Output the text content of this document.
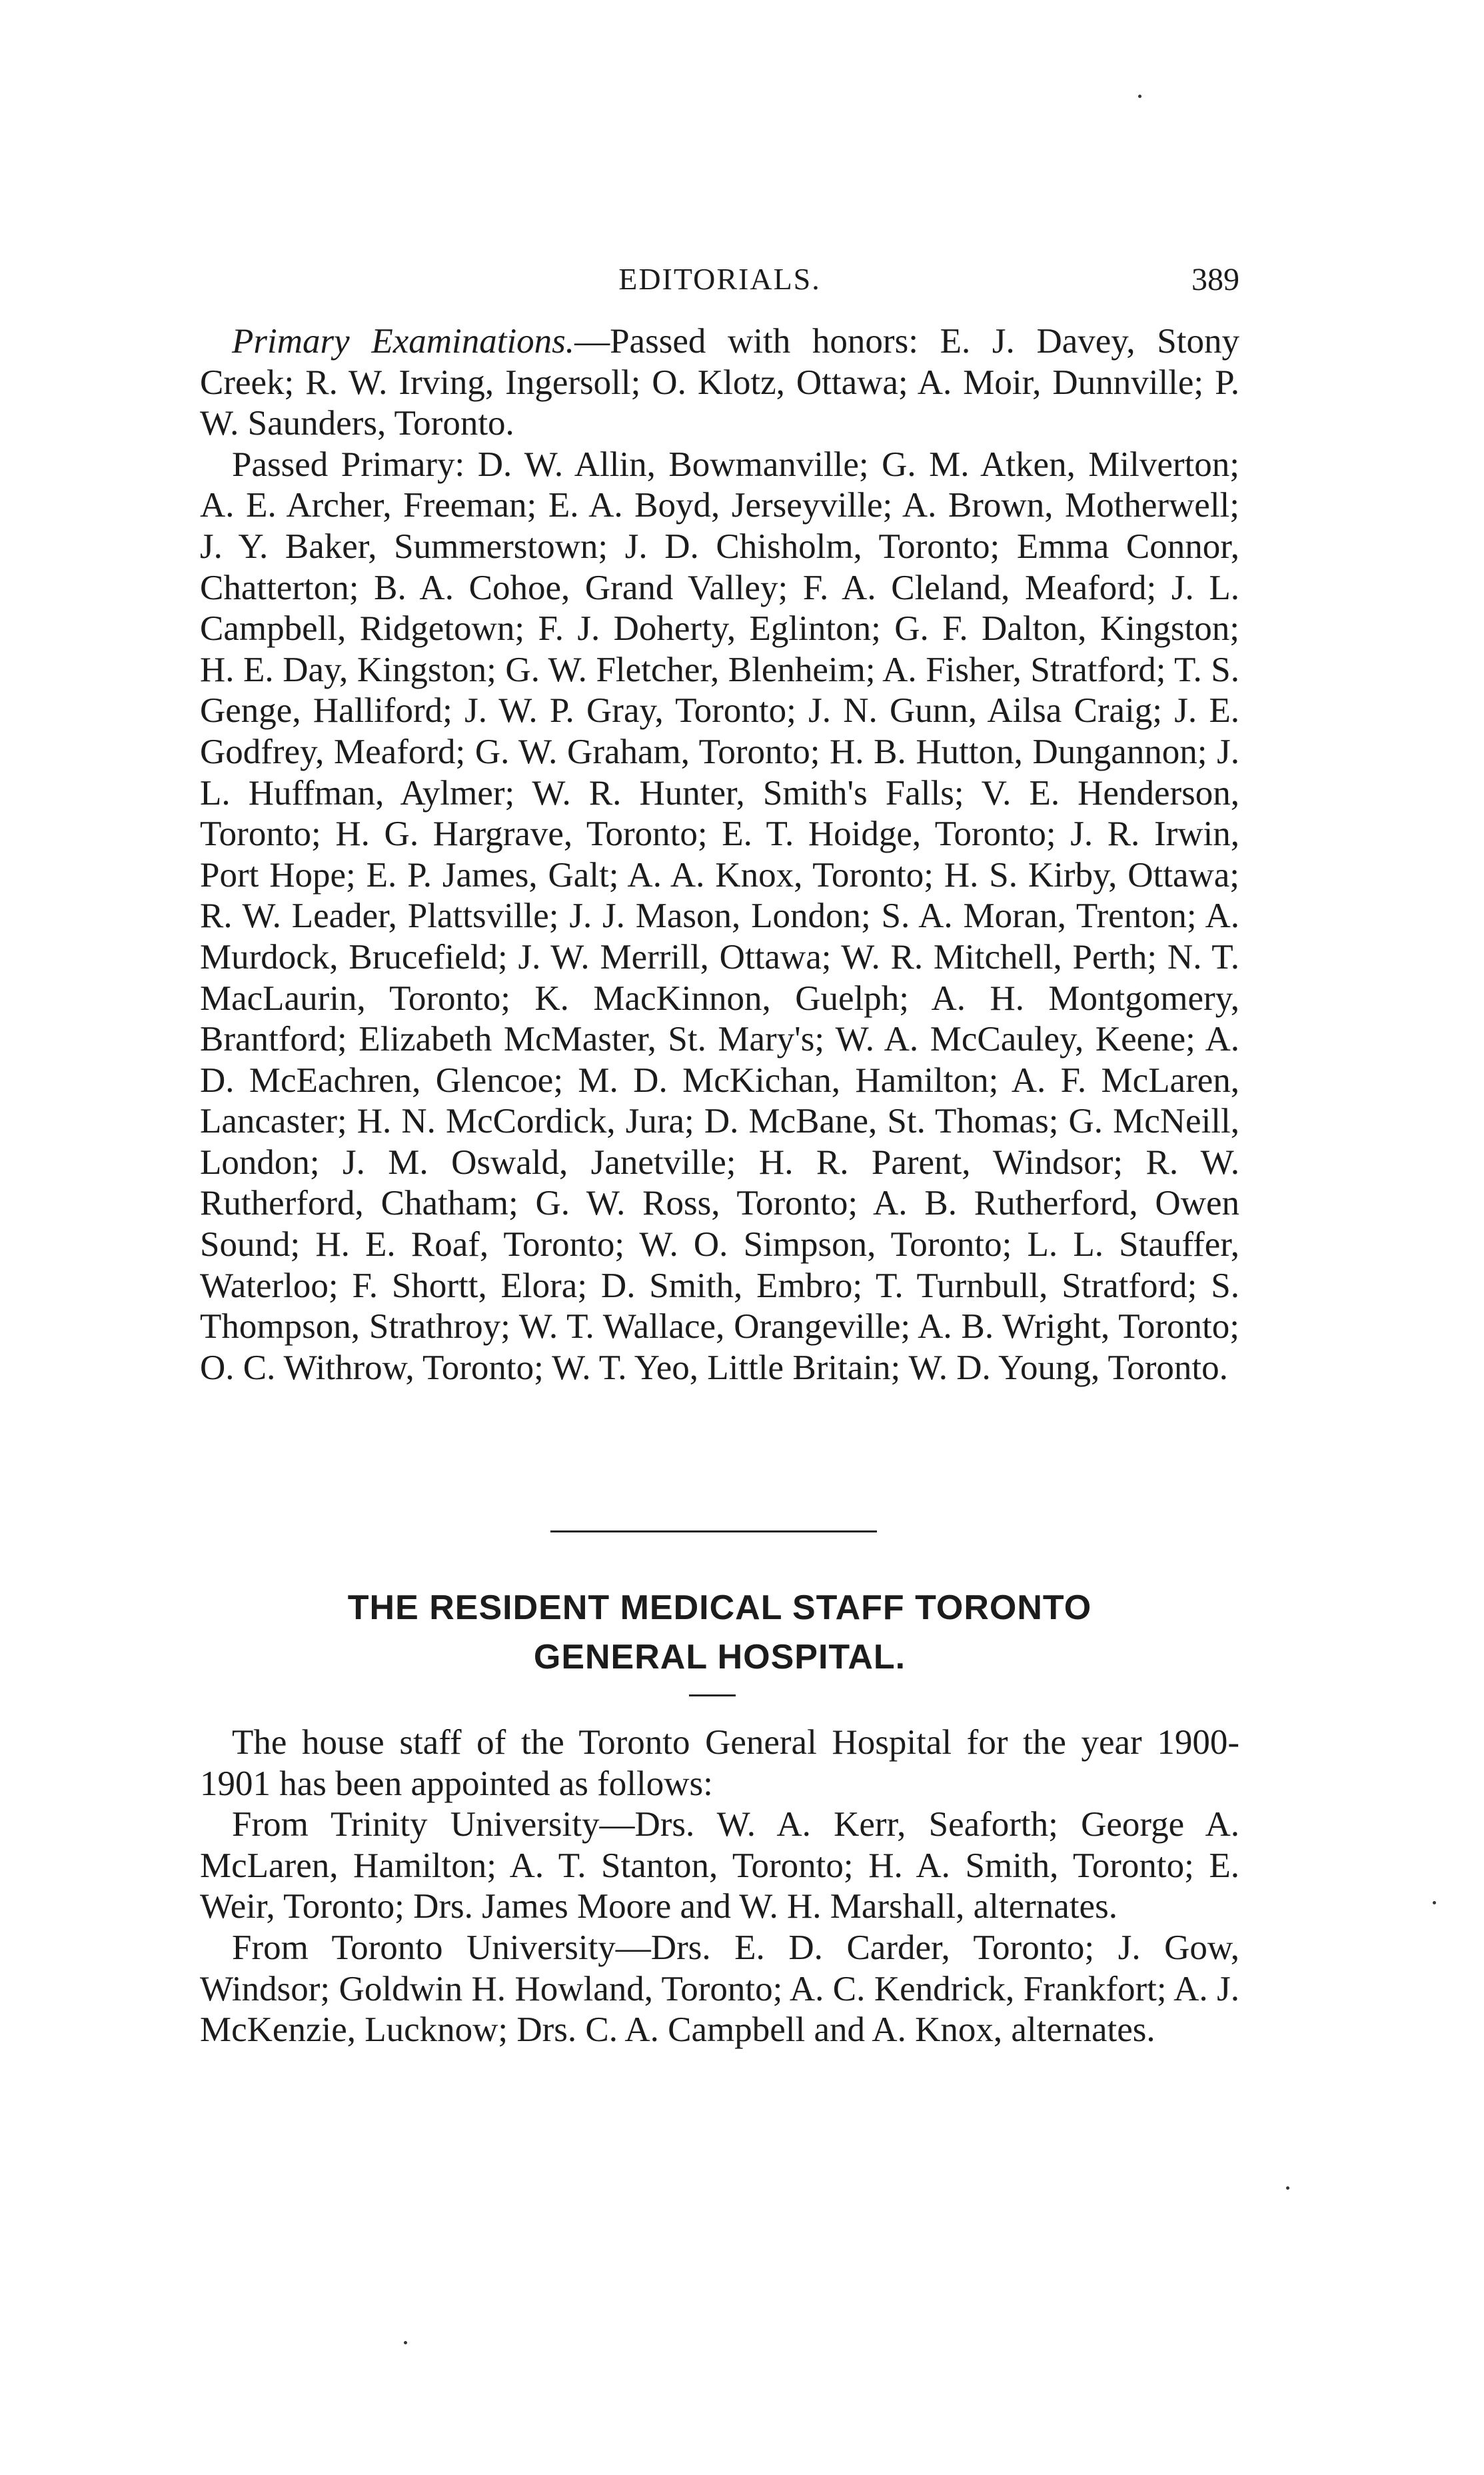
EDITORIALS.	389

Primary Examinations.—Passed with honors: E. J. Davey, Stony Creek; R. W. Irving, Ingersoll; O. Klotz, Ottawa; A. Moir, Dunnville; P. W. Saunders, Toronto.

Passed Primary: D. W. Allin, Bowmanville; G. M. Atken, Milverton; A. E. Archer, Freeman; E. A. Boyd, Jerseyville; A. Brown, Motherwell; J. Y. Baker, Summerstown; J. D. Chisholm, Toronto; Emma Connor, Chatterton; B. A. Cohoe, Grand Valley; F. A. Cleland, Meaford; J. L. Campbell, Ridgetown; F. J. Doherty, Eglinton; G. F. Dalton, Kingston; H. E. Day, Kingston; G. W. Fletcher, Blenheim; A. Fisher, Stratford; T. S. Genge, Halliford; J. W. P. Gray, Toronto; J. N. Gunn, Ailsa Craig; J. E. Godfrey, Meaford; G. W. Graham, Toronto; H. B. Hutton, Dungannon; J. L. Huffman, Aylmer; W. R. Hunter, Smith's Falls; V. E. Henderson, Toronto; H. G. Hargrave, Toronto; E. T. Hoidge, Toronto; J. R. Irwin, Port Hope; E. P. James, Galt; A. A. Knox, Toronto; H. S. Kirby, Ottawa; R. W. Leader, Plattsville; J. J. Mason, London; S. A. Moran, Trenton; A. Murdock, Brucefield; J. W. Merrill, Ottawa; W. R. Mitchell, Perth; N. T. MacLaurin, Toronto; K. MacKinnon, Guelph; A. H. Montgomery, Brantford; Elizabeth McMaster, St. Mary's; W. A. McCauley, Keene; A. D. McEachren, Glencoe; M. D. McKichan, Hamilton; A. F. McLaren, Lancaster; H. N. McCordick, Jura; D. McBane, St. Thomas; G. McNeill, London; J. M. Oswald, Janetville; H. R. Parent, Windsor; R. W. Rutherford, Chatham; G. W. Ross, Toronto; A. B. Rutherford, Owen Sound; H. E. Roaf, Toronto; W. O. Simpson, Toronto; L. L. Stauffer, Waterloo; F. Shortt, Elora; D. Smith, Embro; T. Turnbull, Stratford; S. Thompson, Strathroy; W. T. Wallace, Orangeville; A. B. Wright, Toronto; O. C. Withrow, Toronto; W. T. Yeo, Little Britain; W. D. Young, Toronto.

THE RESIDENT MEDICAL STAFF TORONTO
GENERAL HOSPITAL.

The house staff of the Toronto General Hospital for the year 1900-1901 has been appointed as follows:

From Trinity University—Drs. W. A. Kerr, Seaforth; George A. McLaren, Hamilton; A. T. Stanton, Toronto; H. A. Smith, Toronto; E. Weir, Toronto; Drs. James Moore and W. H. Marshall, alternates.

From Toronto University—Drs. E. D. Carder, Toronto; J. Gow, Windsor; Goldwin H. Howland, Toronto; A. C. Kendrick, Frankfort; A. J. McKenzie, Lucknow; Drs. C. A. Campbell and A. Knox, alternates.
